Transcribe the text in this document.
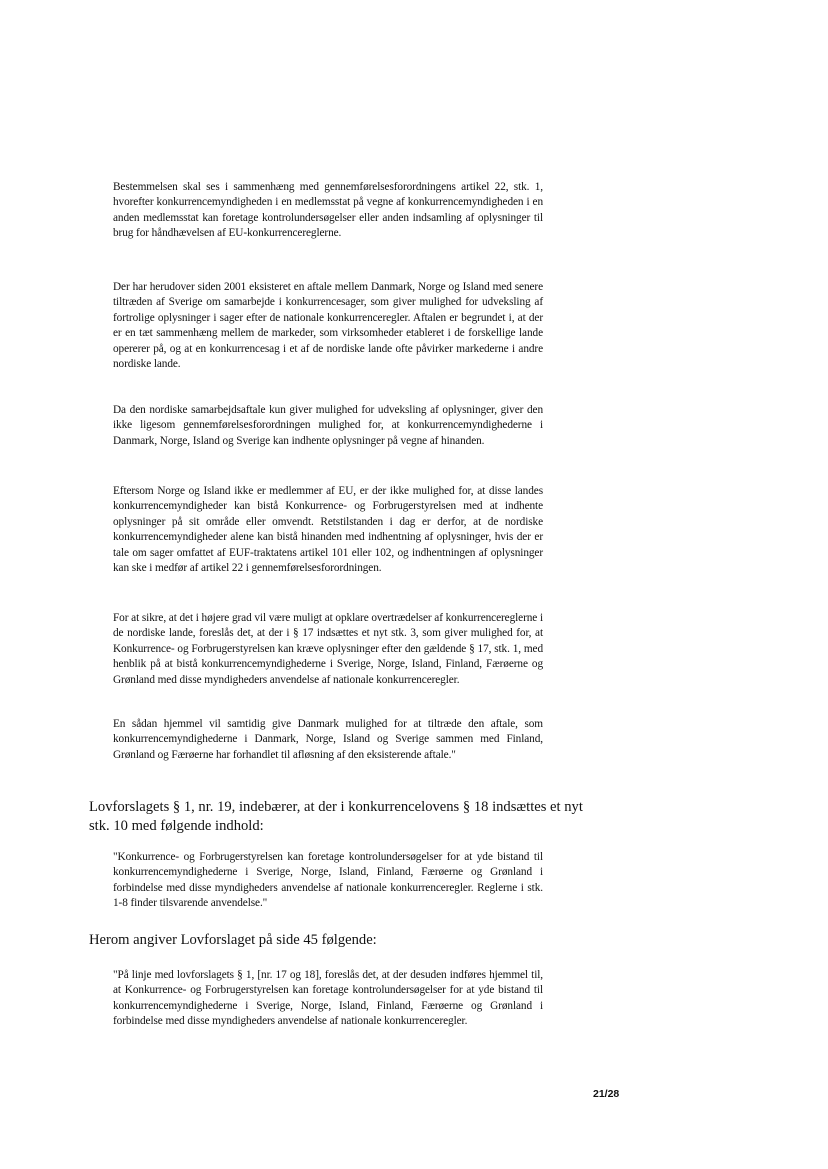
Bestemmelsen skal ses i sammenhæng med gennemførelsesforordningens artikel 22, stk. 1, hvorefter konkurrencemyndigheden i en medlemsstat på vegne af konkurrencemyndigheden i en anden medlemsstat kan foretage kontrolundersøgelser eller anden indsamling af oplysninger til brug for håndhævelsen af EU-konkurrencereglerne.

Der har herudover siden 2001 eksisteret en aftale mellem Danmark, Norge og Island med senere tiltræden af Sverige om samarbejde i konkurrencesager, som giver mulighed for udveksling af fortrolige oplysninger i sager efter de nationale konkurrenceregler. Aftalen er begrundet i, at der er en tæt sammenhæng mellem de markeder, som virksomheder etableret i de forskellige lande opererer på, og at en konkurrencesag i et af de nordiske lande ofte påvirker markederne i andre nordiske lande.

Da den nordiske samarbejdsaftale kun giver mulighed for udveksling af oplysninger, giver den ikke ligesom gennemførelsesforordningen mulighed for, at konkurrencemyndighederne i Danmark, Norge, Island og Sverige kan indhente oplysninger på vegne af hinanden.

Eftersom Norge og Island ikke er medlemmer af EU, er der ikke mulighed for, at disse landes konkurrencemyndigheder kan bistå Konkurrence- og Forbrugerstyrelsen med at indhente oplysninger på sit område eller omvendt. Retstilstanden i dag er derfor, at de nordiske konkurrencemyndigheder alene kan bistå hinanden med indhentning af oplysninger, hvis der er tale om sager omfattet af EUF-traktatens artikel 101 eller 102, og indhentningen af oplysninger kan ske i medfør af artikel 22 i gennemførelsesforordningen.

For at sikre, at det i højere grad vil være muligt at opklare overtrædelser af konkurrencereglerne i de nordiske lande, foreslås det, at der i § 17 indsættes et nyt stk. 3, som giver mulighed for, at Konkurrence- og Forbrugerstyrelsen kan kræve oplysninger efter den gældende § 17, stk. 1, med henblik på at bistå konkurrencemyndighederne i Sverige, Norge, Island, Finland, Færøerne og Grønland med disse myndigheders anvendelse af nationale konkurrenceregler.

En sådan hjemmel vil samtidig give Danmark mulighed for at tiltræde den aftale, som konkurrencemyndighederne i Danmark, Norge, Island og Sverige sammen med Finland, Grønland og Færøerne har forhandlet til afløsning af den eksisterende aftale."

Lovforslagets § 1, nr. 19, indebærer, at der i konkurrencelovens § 18 indsættes et nyt stk. 10 med følgende indhold:

"Konkurrence- og Forbrugerstyrelsen kan foretage kontrolundersøgelser for at yde bistand til konkurrencemyndighederne i Sverige, Norge, Island, Finland, Færøerne og Grønland i forbindelse med disse myndigheders anvendelse af nationale konkurrenceregler. Reglerne i stk. 1-8 finder tilsvarende anvendelse."

Herom angiver Lovforslaget på side 45 følgende:

"På linje med lovforslagets § 1, [nr. 17 og 18], foreslås det, at der desuden indføres hjemmel til, at Konkurrence- og Forbrugerstyrelsen kan foretage kontrolundersøgelser for at yde bistand til konkurrencemyndighederne i Sverige, Norge, Island, Finland, Færøerne og Grønland i forbindelse med disse myndigheders anvendelse af nationale konkurrenceregler.

21/28
